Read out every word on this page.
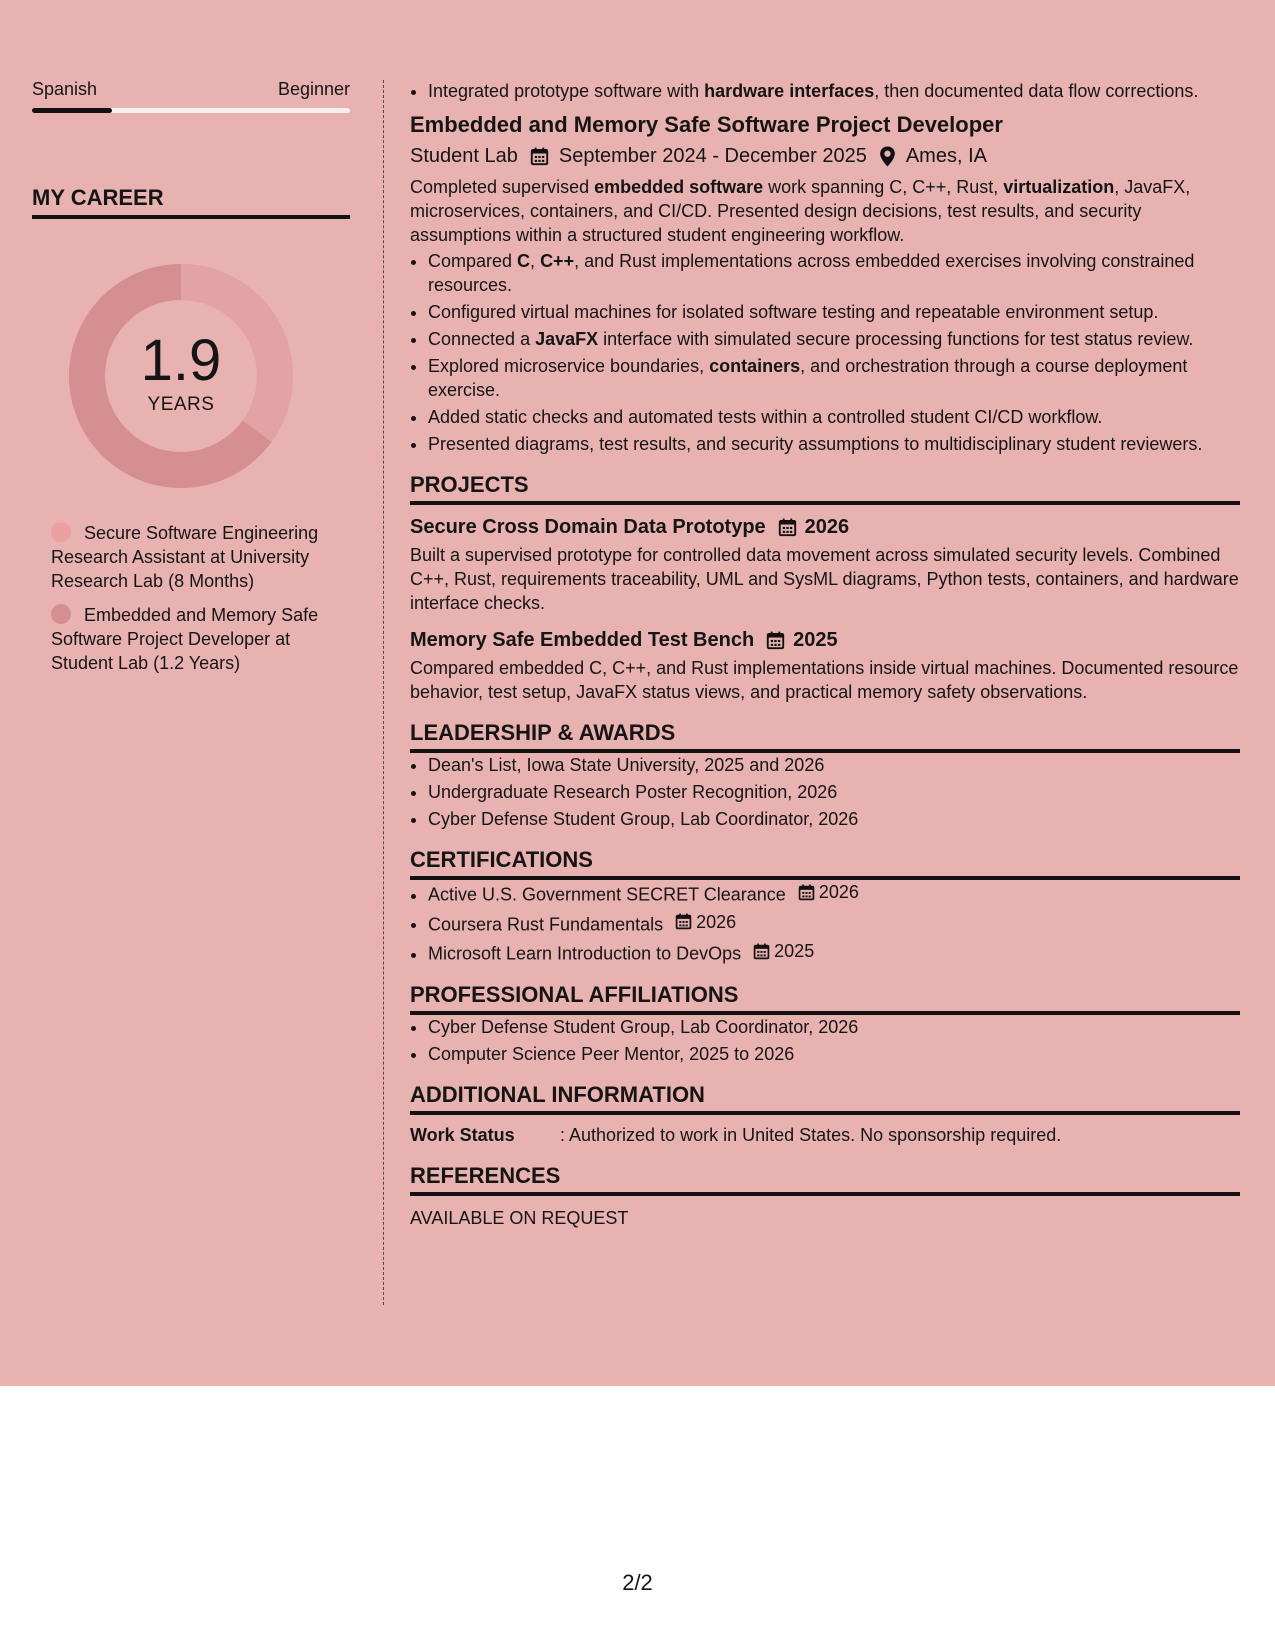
Spanish	Beginner
MY CAREER
1.9
YEARS
Secure Software Engineering Research Assistant at University Research Lab (8 Months)
Embedded and Memory Safe Software Project Developer at Student Lab (1.2 Years)
• Integrated prototype software with hardware interfaces, then documented data flow corrections.
Embedded and Memory Safe Software Project Developer
Student Lab September 2024 - December 2025 Ames, IA
Completed supervised embedded software work spanning C, C++, Rust, virtualization, JavaFX, microservices, containers, and CI/CD. Presented design decisions, test results, and security assumptions within a structured student engineering workflow.
• Compared C, C++, and Rust implementations across embedded exercises involving constrained resources.
• Configured virtual machines for isolated software testing and repeatable environment setup.
• Connected a JavaFX interface with simulated secure processing functions for test status review.
• Explored microservice boundaries, containers, and orchestration through a course deployment exercise.
• Added static checks and automated tests within a controlled student CI/CD workflow.
• Presented diagrams, test results, and security assumptions to multidisciplinary student reviewers.
PROJECTS
Secure Cross Domain Data Prototype 2026
Built a supervised prototype for controlled data movement across simulated security levels. Combined C++, Rust, requirements traceability, UML and SysML diagrams, Python tests, containers, and hardware interface checks.
Memory Safe Embedded Test Bench 2025
Compared embedded C, C++, and Rust implementations inside virtual machines. Documented resource behavior, test setup, JavaFX status views, and practical memory safety observations.
LEADERSHIP & AWARDS
• Dean's List, Iowa State University, 2025 and 2026
• Undergraduate Research Poster Recognition, 2026
• Cyber Defense Student Group, Lab Coordinator, 2026
CERTIFICATIONS
• Active U.S. Government SECRET Clearance 2026
• Coursera Rust Fundamentals 2026
• Microsoft Learn Introduction to DevOps 2025
PROFESSIONAL AFFILIATIONS
• Cyber Defense Student Group, Lab Coordinator, 2026
• Computer Science Peer Mentor, 2025 to 2026
ADDITIONAL INFORMATION
Work Status	: Authorized to work in United States. No sponsorship required.
REFERENCES
AVAILABLE ON REQUEST
2/2
